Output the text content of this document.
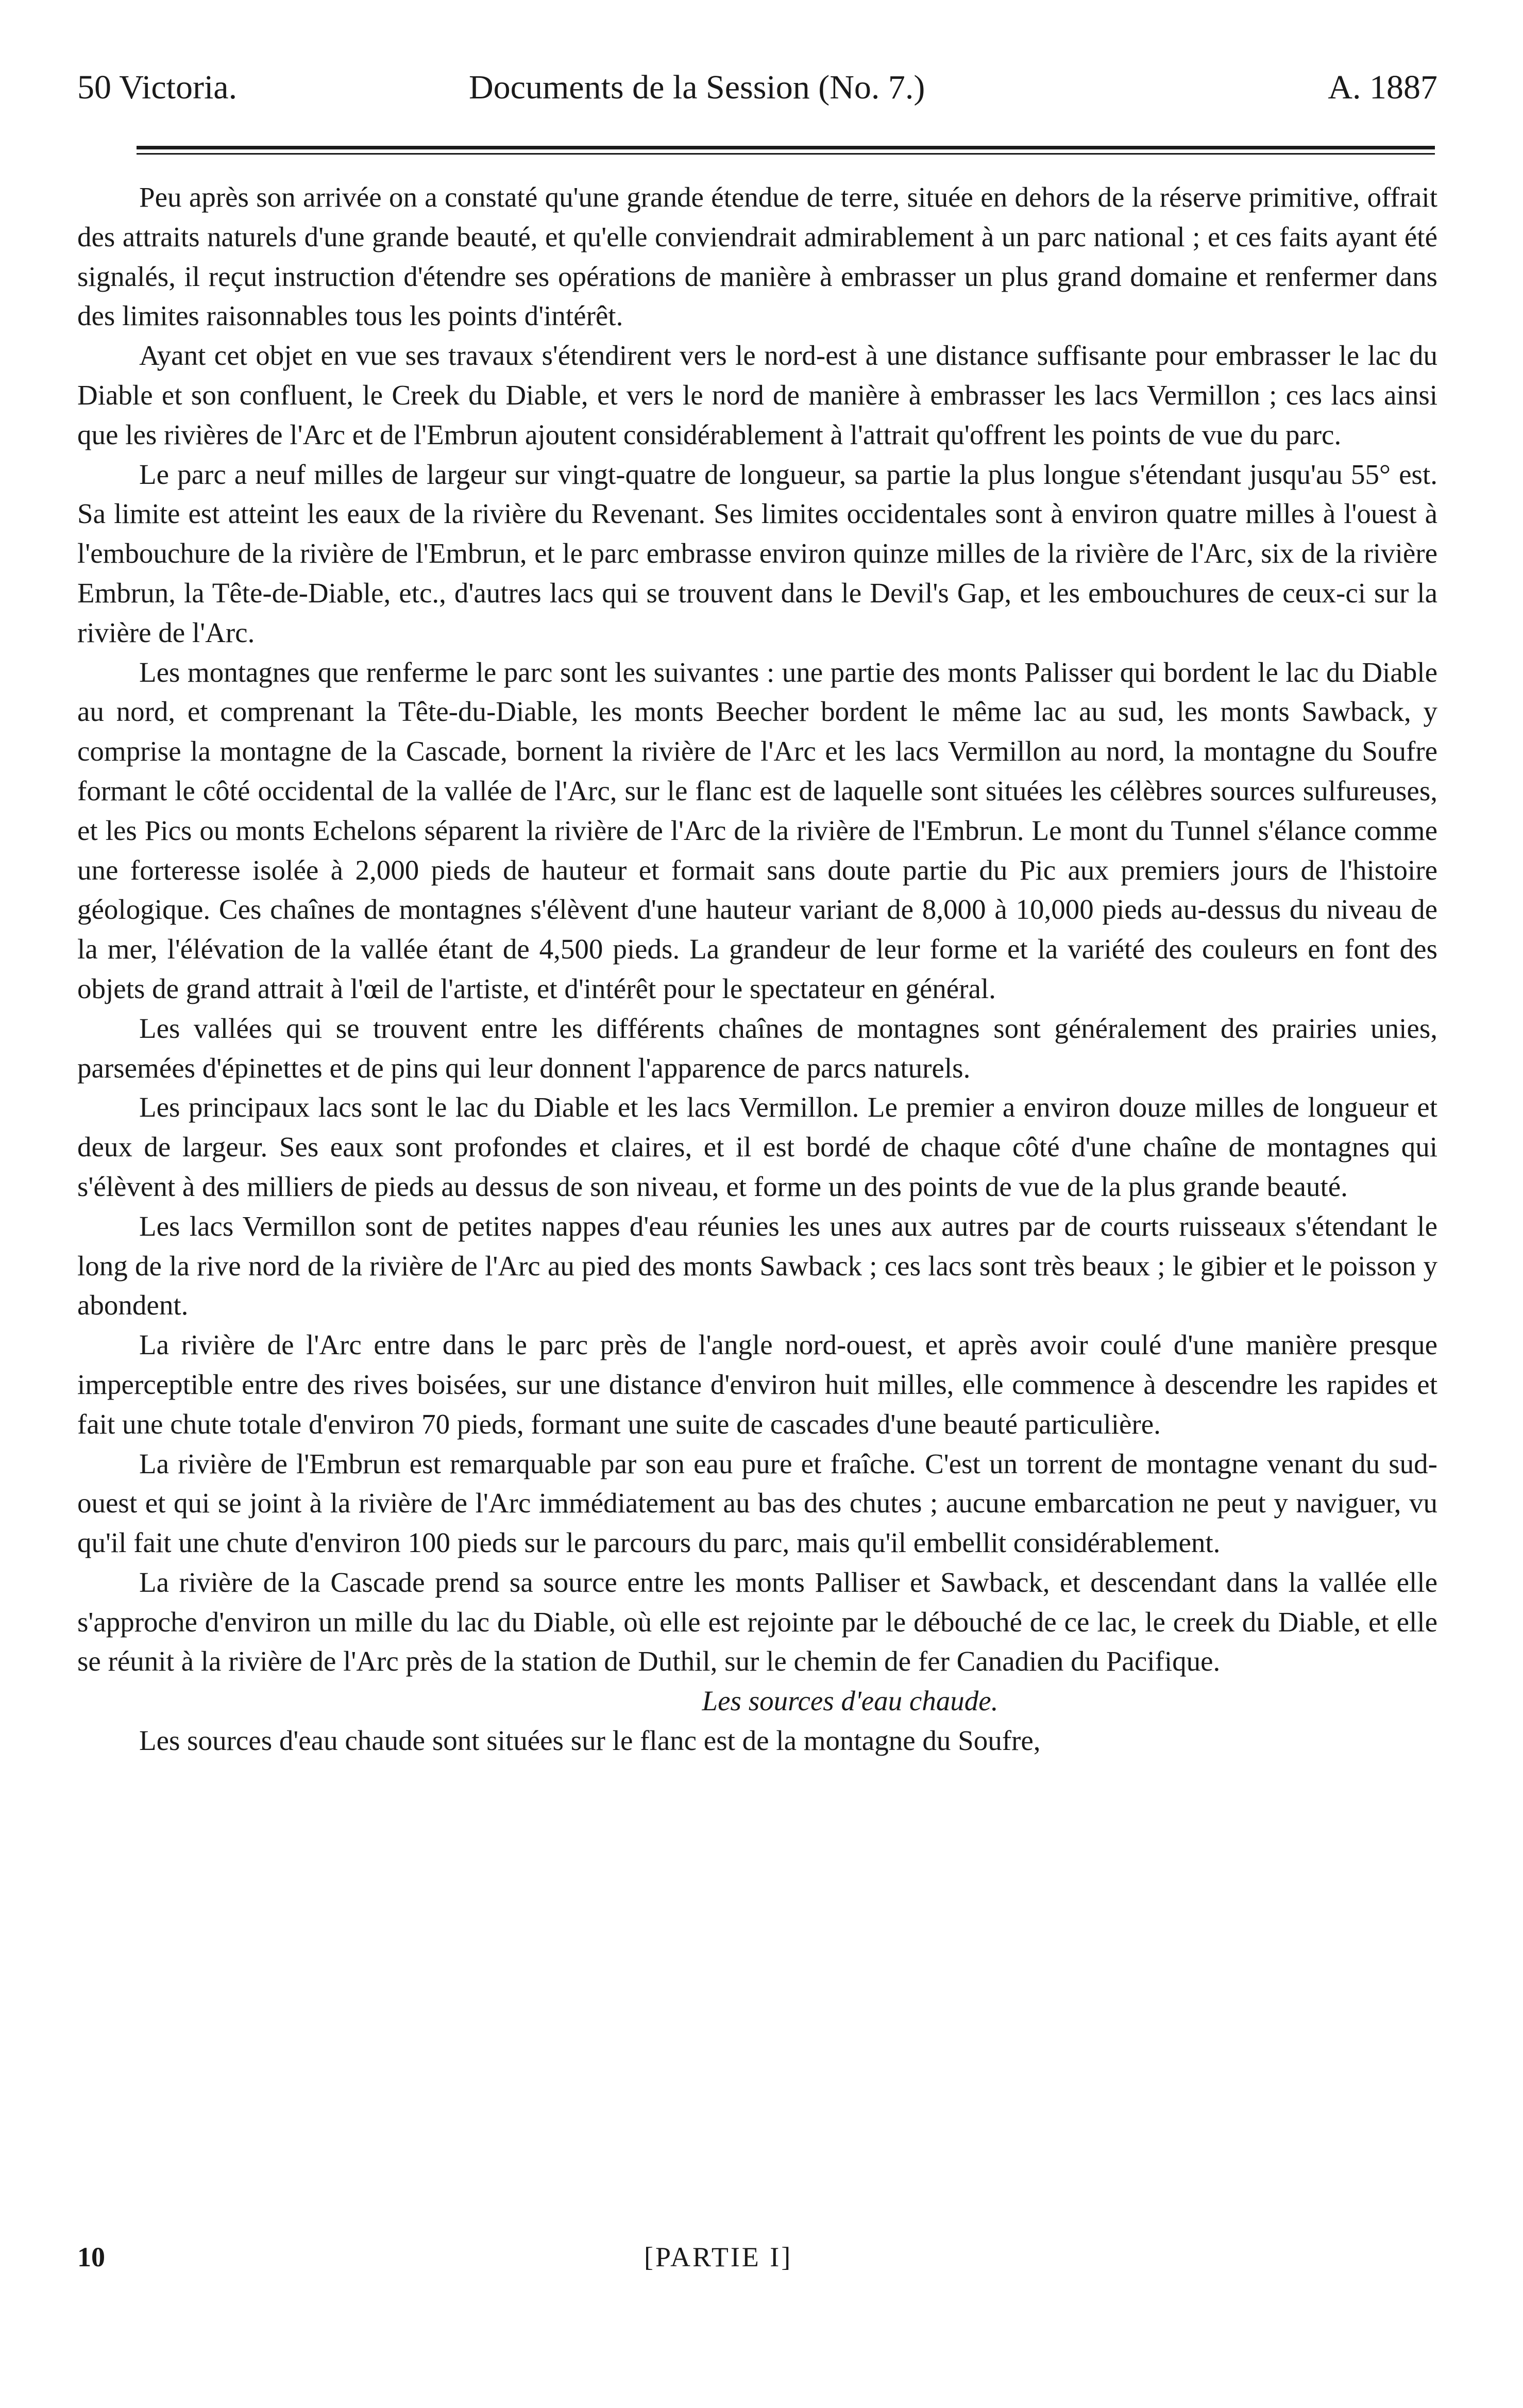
50 Victoria.	Documents de la Session (No. 7.)	A. 1887

Peu après son arrivée on a constaté qu'une grande étendue de terre, située en dehors de la réserve primitive, offrait des attraits naturels d'une grande beauté, et qu'elle conviendrait admirablement à un parc national ; et ces faits ayant été signalés, il reçut instruction d'étendre ses opérations de manière à embrasser un plus grand domaine et renfermer dans des limites raisonnables tous les points d'intérêt.

Ayant cet objet en vue ses travaux s'étendirent vers le nord-est à une distance suffisante pour embrasser le lac du Diable et son confluent, le Creek du Diable, et vers le nord de manière à embrasser les lacs Vermillon ; ces lacs ainsi que les rivières de l'Arc et de l'Embrun ajoutent considérablement à l'attrait qu'offrent les points de vue du parc.

Le parc a neuf milles de largeur sur vingt-quatre de longueur, sa partie la plus longue s'étendant jusqu'au 55° est. Sa limite est atteint les eaux de la rivière du Revenant. Ses limites occidentales sont à environ quatre milles à l'ouest à l'embouchure de la rivière de l'Embrun, et le parc embrasse environ quinze milles de la rivière de l'Arc, six de la rivière Embrun, la Tête-de-Diable, etc., d'autres lacs qui se trouvent dans le Devil's Gap, et les embouchures de ceux-ci sur la rivière de l'Arc.

Les montagnes que renferme le parc sont les suivantes : une partie des monts Palisser qui bordent le lac du Diable au nord, et comprenant la Tête-du-Diable, les monts Beecher bordent le même lac au sud, les monts Sawback, y comprise la montagne de la Cascade, bornent la rivière de l'Arc et les lacs Vermillon au nord, la montagne du Soufre formant le côté occidental de la vallée de l'Arc, sur le flanc est de laquelle sont situées les célèbres sources sulfureuses, et les Pics ou monts Echelons séparent la rivière de l'Arc de la rivière de l'Embrun. Le mont du Tunnel s'élance comme une forteresse isolée à 2,000 pieds de hauteur et formait sans doute partie du Pic aux premiers jours de l'histoire géologique. Ces chaînes de montagnes s'élèvent d'une hauteur variant de 8,000 à 10,000 pieds au-dessus du niveau de la mer, l'élévation de la vallée étant de 4,500 pieds. La grandeur de leur forme et la variété des couleurs en font des objets de grand attrait à l'œil de l'artiste, et d'intérêt pour le spectateur en général.

Les vallées qui se trouvent entre les différents chaînes de montagnes sont généralement des prairies unies, parsemées d'épinettes et de pins qui leur donnent l'apparence de parcs naturels.

Les principaux lacs sont le lac du Diable et les lacs Vermillon. Le premier a environ douze milles de longueur et deux de largeur. Ses eaux sont profondes et claires, et il est bordé de chaque côté d'une chaîne de montagnes qui s'élèvent à des milliers de pieds au dessus de son niveau, et forme un des points de vue de la plus grande beauté.

Les lacs Vermillon sont de petites nappes d'eau réunies les unes aux autres par de courts ruisseaux s'étendant le long de la rive nord de la rivière de l'Arc au pied des monts Sawback ; ces lacs sont très beaux ; le gibier et le poisson y abondent.

La rivière de l'Arc entre dans le parc près de l'angle nord-ouest, et après avoir coulé d'une manière presque imperceptible entre des rives boisées, sur une distance d'environ huit milles, elle commence à descendre les rapides et fait une chute totale d'environ 70 pieds, formant une suite de cascades d'une beauté particulière.

La rivière de l'Embrun est remarquable par son eau pure et fraîche. C'est un torrent de montagne venant du sud-ouest et qui se joint à la rivière de l'Arc immédiatement au bas des chutes ; aucune embarcation ne peut y naviguer, vu qu'il fait une chute d'environ 100 pieds sur le parcours du parc, mais qu'il embellit considérablement.

La rivière de la Cascade prend sa source entre les monts Palliser et Sawback, et descendant dans la vallée elle s'approche d'environ un mille du lac du Diable, où elle est rejointe par le débouché de ce lac, le creek du Diable, et elle se réunit à la rivière de l'Arc près de la station de Duthil, sur le chemin de fer Canadien du Pacifique.

Les sources d'eau chaude.

Les sources d'eau chaude sont situées sur le flanc est de la montagne du Soufre,

10	[PARTIE I]
